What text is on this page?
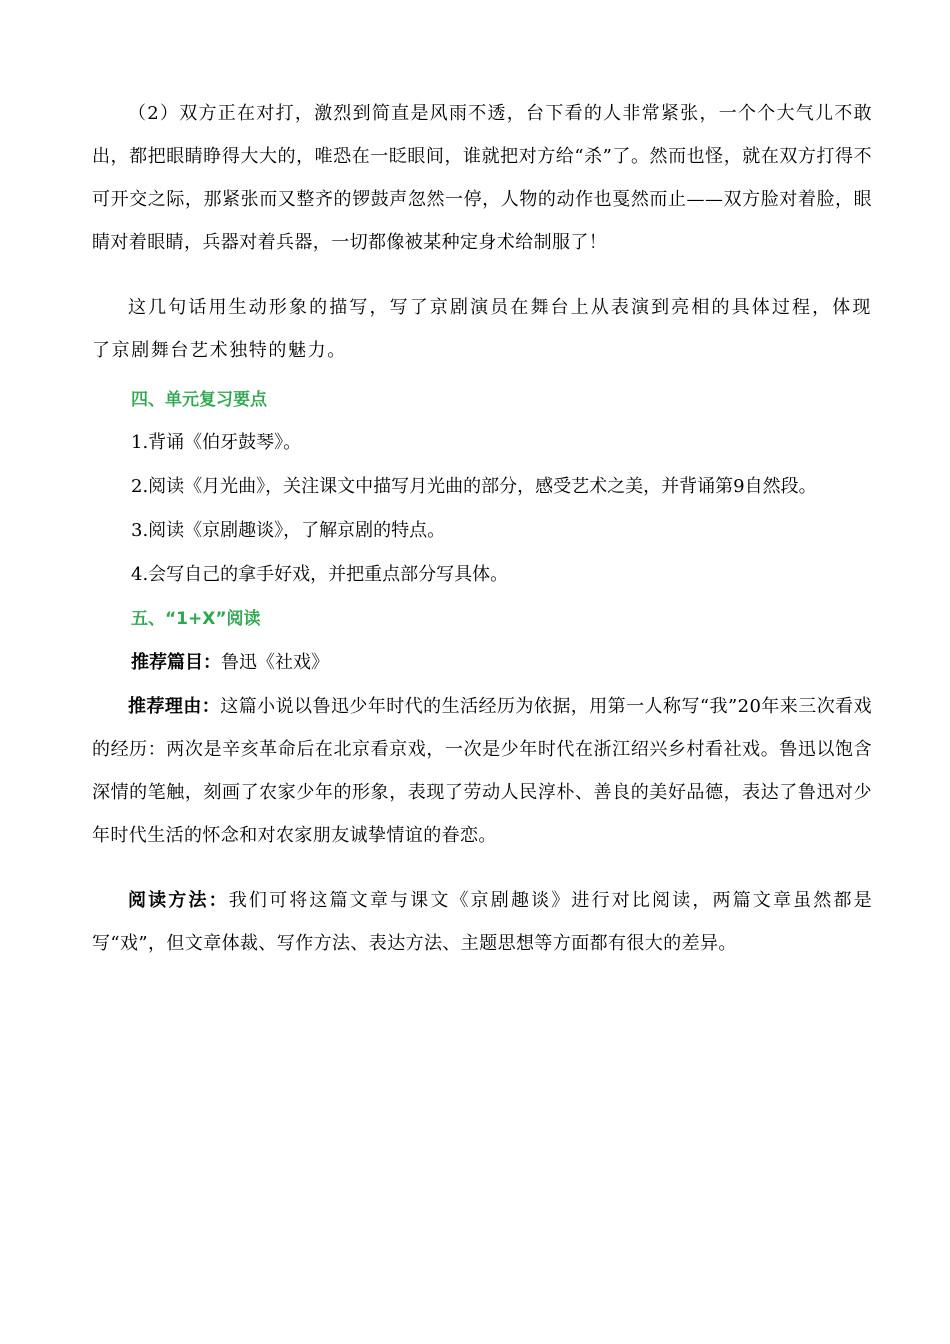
（2）双方正在对打，激烈到简直是风雨不透，台下看的人非常紧张，一个个大气儿不敢出，都把眼睛睁得大大的，唯恐在一眨眼间，谁就把对方给“杀”了。然而也怪，就在双方打得不可开交之际，那紧张而又整齐的锣鼓声忽然一停，人物的动作也戛然而止——双方脸对着脸，眼睛对着眼睛，兵器对着兵器，一切都像被某种定身术给制服了！

这几句话用生动形象的描写，写了京剧演员在舞台上从表演到亮相的具体过程，体现了京剧舞台艺术独特的魅力。

四、单元复习要点
1.背诵《伯牙鼓琴》。
2.阅读《月光曲》，关注课文中描写月光曲的部分，感受艺术之美，并背诵第9自然段。
3.阅读《京剧趣谈》，了解京剧的特点。
4.会写自己的拿手好戏，并把重点部分写具体。
五、“1+X”阅读
推荐篇目：鲁迅《社戏》

推荐理由：这篇小说以鲁迅少年时代的生活经历为依据，用第一人称写“我”20年来三次看戏的经历：两次是辛亥革命后在北京看京戏，一次是少年时代在浙江绍兴乡村看社戏。鲁迅以饱含深情的笔触，刻画了农家少年的形象，表现了劳动人民淳朴、善良的美好品德，表达了鲁迅对少年时代生活的怀念和对农家朋友诚挚情谊的眷恋。

阅读方法：我们可将这篇文章与课文《京剧趣谈》进行对比阅读，两篇文章虽然都是写“戏”，但文章体裁、写作方法、表达方法、主题思想等方面都有很大的差异。
